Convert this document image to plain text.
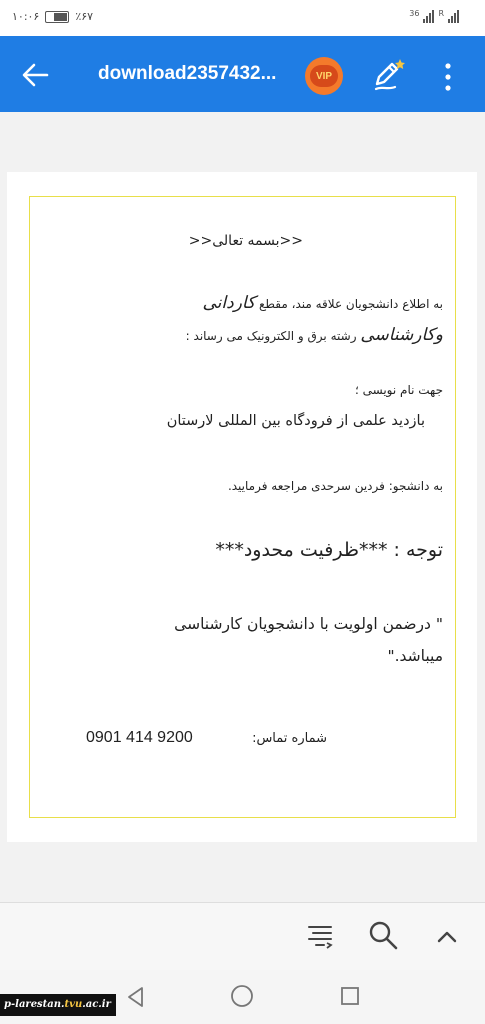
۱۰:۰۶	٪۶۷	36 R
download2357432...	VIP
<<بسمه تعالی<<
به اطلاع دانشجویان علاقه مند، مقطع کاردانی
وکارشناسی رشته برق و الکترونیک می رساند :
جهت نام نویسی ؛
بازدید علمی از فرودگاه بین المللی لارستان
به دانشجو: فردین سرحدی مراجعه فرمایید.
توجه : ***ظرفیت محدود***
" درضمن اولویت با دانشجویان کارشناسی
میباشد."
شماره تماس:
0901 414 9200
p-larestan.tvu.ac.ir
